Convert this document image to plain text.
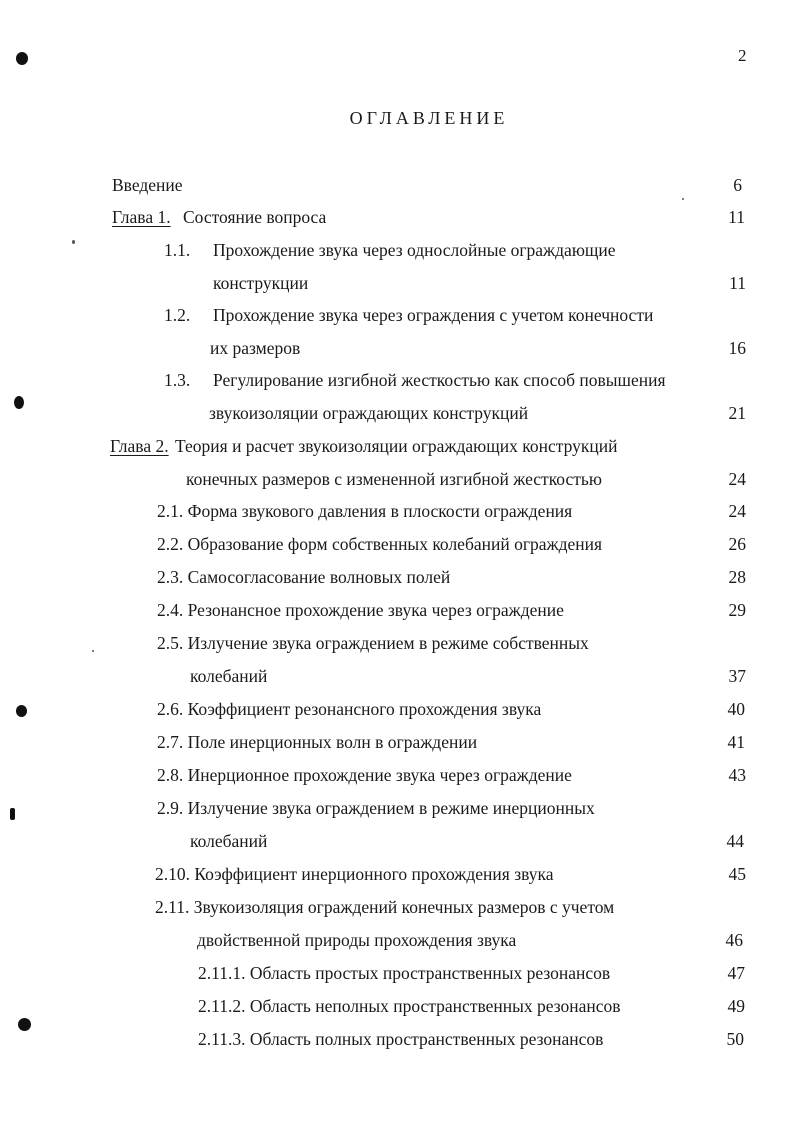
2
ОГЛАВЛЕНИЕ
Введение	6
Глава 1. Состояние вопроса	11
1.1. Прохождение звука через однослойные ограждающие
конструкции	11
1.2. Прохождение звука через ограждения с учетом конечности
их размеров	16
1.3. Регулирование изгибной жесткостью как способ повышения
звукоизоляции ограждающих конструкций	21
Глава 2. Теория и расчет звукоизоляции ограждающих конструкций
конечных размеров с измененной изгибной жесткостью	24
2.1. Форма звукового давления в плоскости ограждения	24
2.2. Образование форм собственных колебаний ограждения	26
2.3. Самосогласование волновых полей	28
2.4. Резонансное прохождение звука через ограждение	29
2.5. Излучение звука ограждением в режиме собственных
колебаний	37
2.6. Коэффициент резонансного прохождения звука	40
2.7. Поле инерционных волн в ограждении	41
2.8. Инерционное прохождение звука через ограждение	43
2.9. Излучение звука ограждением в режиме инерционных
колебаний	44
2.10. Коэффициент инерционного прохождения звука	45
2.11. Звукоизоляция ограждений конечных размеров с учетом
двойственной природы прохождения звука	46
2.11.1. Область простых пространственных резонансов	47
2.11.2. Область неполных пространственных резонансов	49
2.11.3. Область полных пространственных резонансов	50
